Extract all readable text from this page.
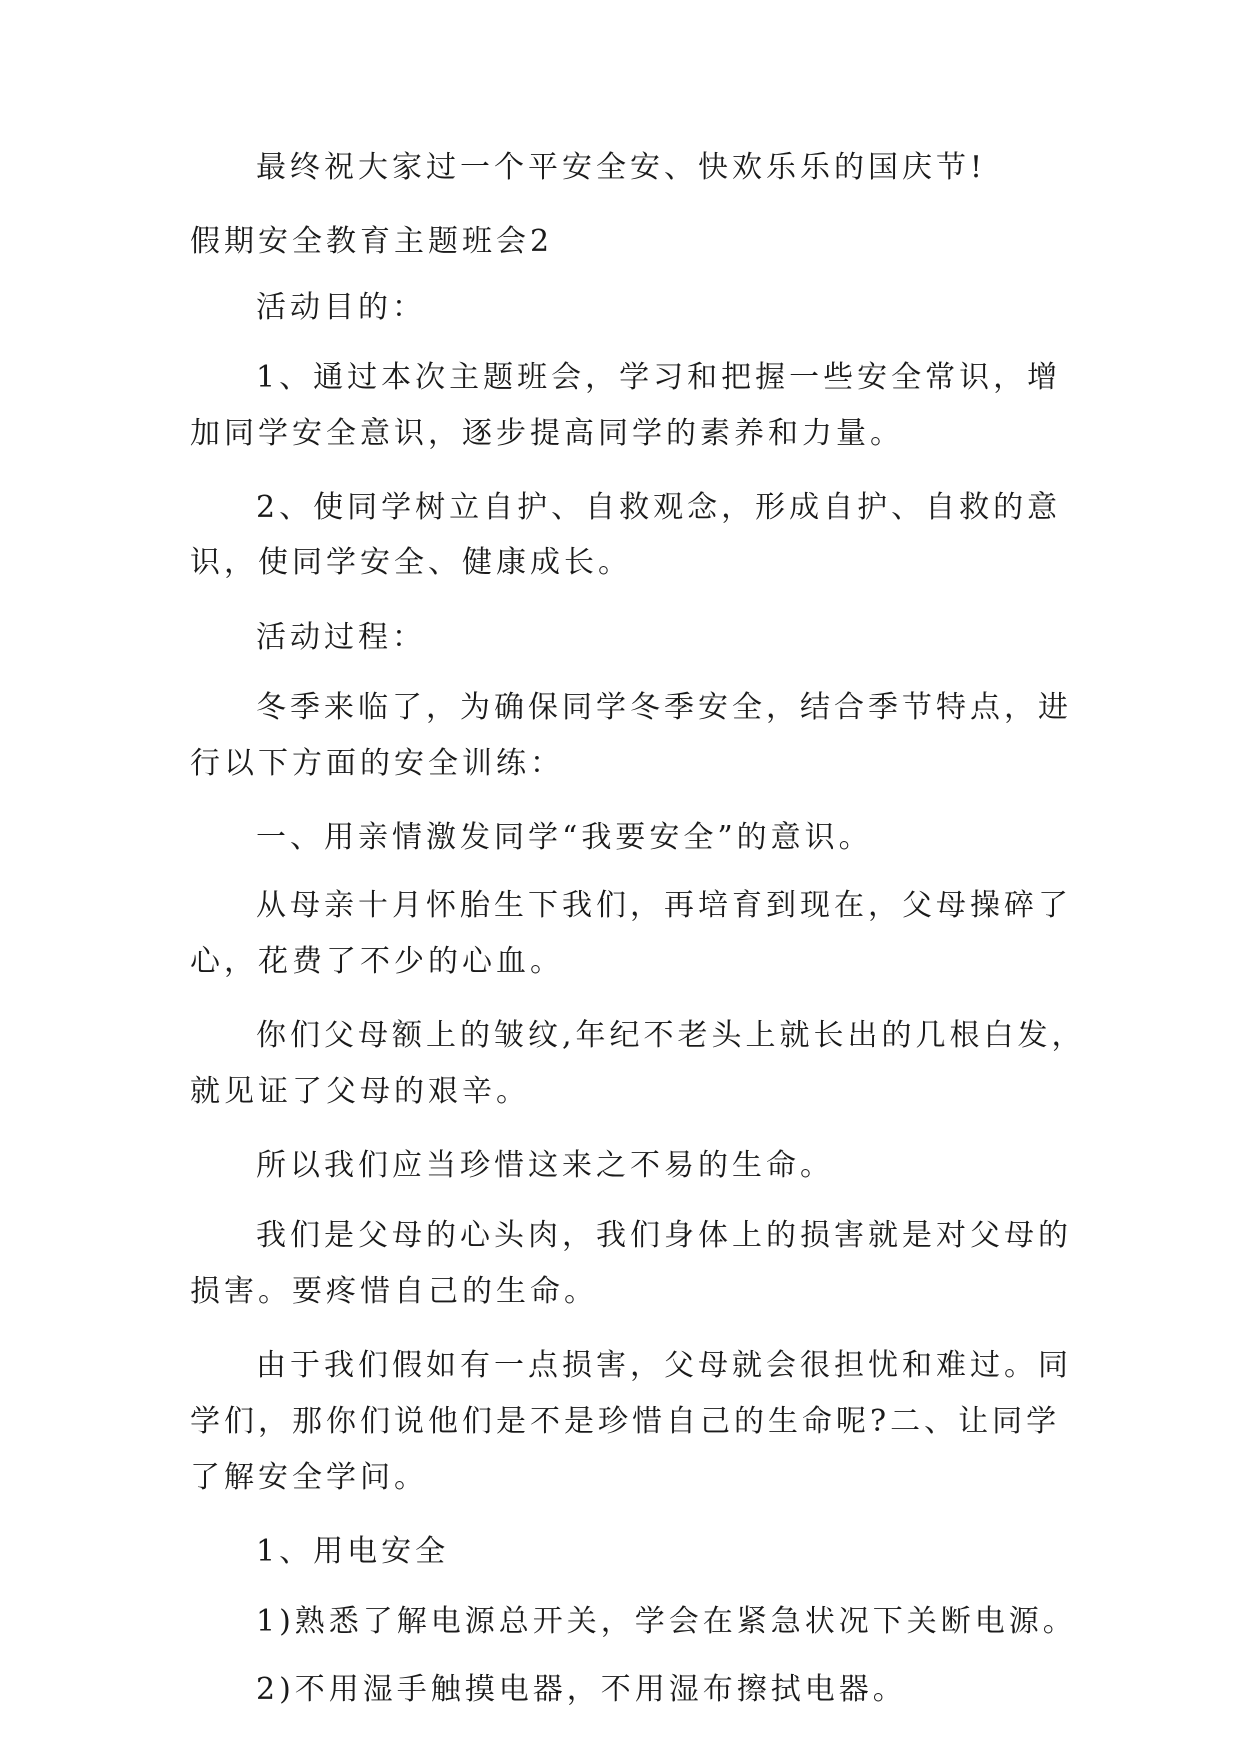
最终祝大家过一个平安全安、快欢乐乐的国庆节!
假期安全教育主题班会2
活动目的：
1、通过本次主题班会，学习和把握一些安全常识，增
加同学安全意识，逐步提高同学的素养和力量。
2、使同学树立自护、自救观念，形成自护、自救的意
识，使同学安全、健康成长。
活动过程：
冬季来临了，为确保同学冬季安全，结合季节特点，进
行以下方面的安全训练：
一、用亲情激发同学“我要安全”的意识。
从母亲十月怀胎生下我们，再培育到现在，父母操碎了
心，花费了不少的心血。
你们父母额上的皱纹,年纪不老头上就长出的几根白发，
就见证了父母的艰辛。
所以我们应当珍惜这来之不易的生命。
我们是父母的心头肉，我们身体上的损害就是对父母的
损害。要疼惜自己的生命。
由于我们假如有一点损害，父母就会很担忧和难过。同
学们，那你们说他们是不是珍惜自己的生命呢?二、让同学
了解安全学问。
1、用电安全
1)熟悉了解电源总开关，学会在紧急状况下关断电源。
2)不用湿手触摸电器，不用湿布擦拭电器。
